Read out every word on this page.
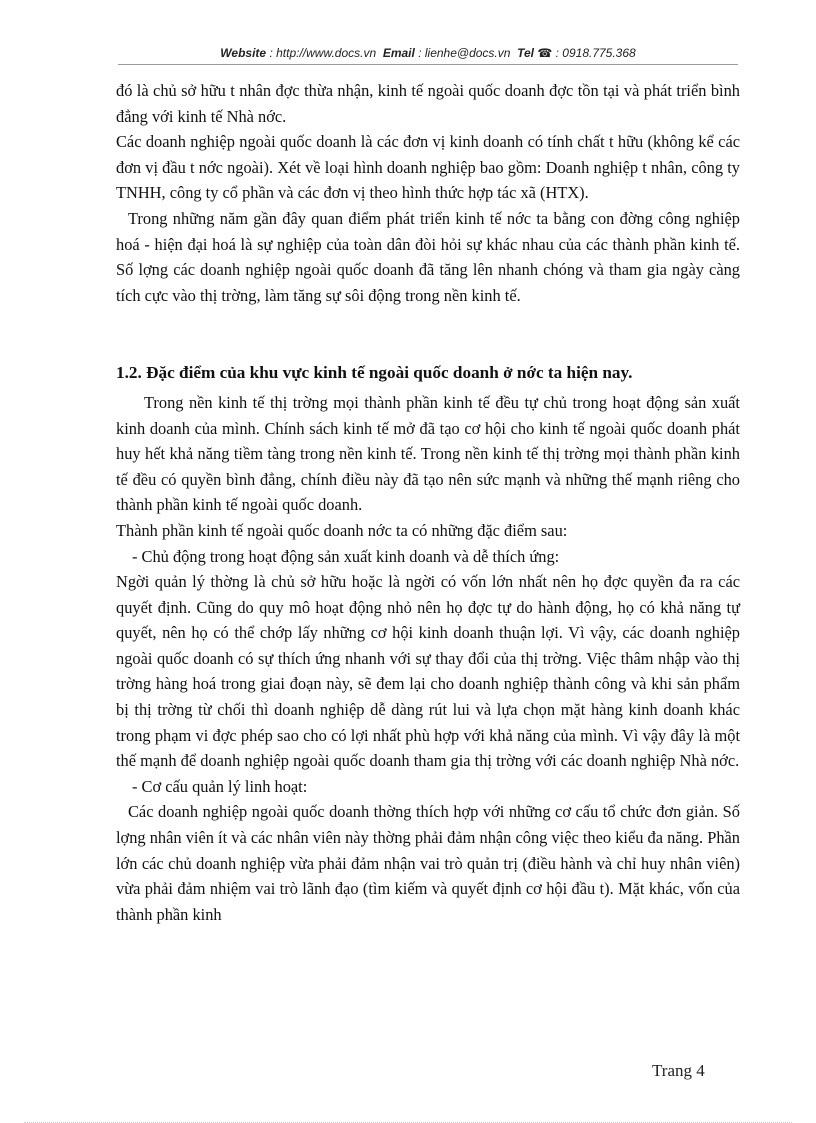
Website : http://www.docs.vn Email : lienhe@docs.vn Tel ☎ : 0918.775.368

đó là chủ sở hữu t nhân đợc thừa nhận, kinh tế ngoài quốc doanh đợc tồn tại và phát triển bình đẳng với kinh tế Nhà nớc.

Các doanh nghiệp ngoài quốc doanh là các đơn vị kinh doanh có tính chất t hữu (không kể các đơn vị đầu t nớc ngoài). Xét về loại hình doanh nghiệp bao gồm: Doanh nghiệp t nhân, công ty TNHH, công ty cổ phần và các đơn vị theo hình thức hợp tác xã (HTX).

Trong những năm gần đây quan điểm phát triển kinh tế nớc ta bằng con đờng công nghiệp hoá - hiện đại hoá là sự nghiệp của toàn dân đòi hỏi sự khác nhau của các thành phần kinh tế. Số lợng các doanh nghiệp ngoài quốc doanh đã tăng lên nhanh chóng và tham gia ngày càng tích cực vào thị trờng, làm tăng sự sôi động trong nền kinh tế.

1.2. Đặc điểm của khu vực kinh tế ngoài quốc doanh ở nớc ta hiện nay.

Trong nền kinh tế thị trờng mọi thành phần kinh tế đều tự chủ trong hoạt động sản xuất kinh doanh của mình. Chính sách kinh tế mở đã tạo cơ hội cho kinh tế ngoài quốc doanh phát huy hết khả năng tiềm tàng trong nền kinh tế. Trong nền kinh tế thị trờng mọi thành phần kinh tế đều có quyền bình đẳng, chính điều này đã tạo nên sức mạnh và những thế mạnh riêng cho thành phần kinh tế ngoài quốc doanh.

Thành phần kinh tế ngoài quốc doanh nớc ta có những đặc điểm sau:

- Chủ động trong hoạt động sản xuất kinh doanh và dễ thích ứng:

Ngời quản lý thờng là chủ sở hữu hoặc là ngời có vốn lớn nhất nên họ đợc quyền đa ra các quyết định. Cũng do quy mô hoạt động nhỏ nên họ đợc tự do hành động, họ có khả năng tự quyết, nên họ có thể chớp lấy những cơ hội kinh doanh thuận lợi. Vì vậy, các doanh nghiệp ngoài quốc doanh có sự thích ứng nhanh với sự thay đổi của thị trờng. Việc thâm nhập vào thị trờng hàng hoá trong giai đoạn này, sẽ đem lại cho doanh nghiệp thành công và khi sản phẩm bị thị trờng từ chối thì doanh nghiệp dễ dàng rút lui và lựa chọn mặt hàng kinh doanh khác trong phạm vi đợc phép sao cho có lợi nhất phù hợp với khả năng của mình. Vì vậy đây là một thế mạnh để doanh nghiệp ngoài quốc doanh tham gia thị trờng với các doanh nghiệp Nhà nớc.

- Cơ cấu quản lý linh hoạt:

Các doanh nghiệp ngoài quốc doanh thờng thích hợp với những cơ cấu tổ chức đơn giản. Số lợng nhân viên ít và các nhân viên này thờng phải đảm nhận công việc theo kiểu đa năng. Phần lớn các chủ doanh nghiệp vừa phải đảm nhận vai trò quản trị (điều hành và chỉ huy nhân viên) vừa phải đảm nhiệm vai trò lãnh đạo (tìm kiếm và quyết định cơ hội đầu t). Mặt khác, vốn của thành phần kinh

Trang 4
